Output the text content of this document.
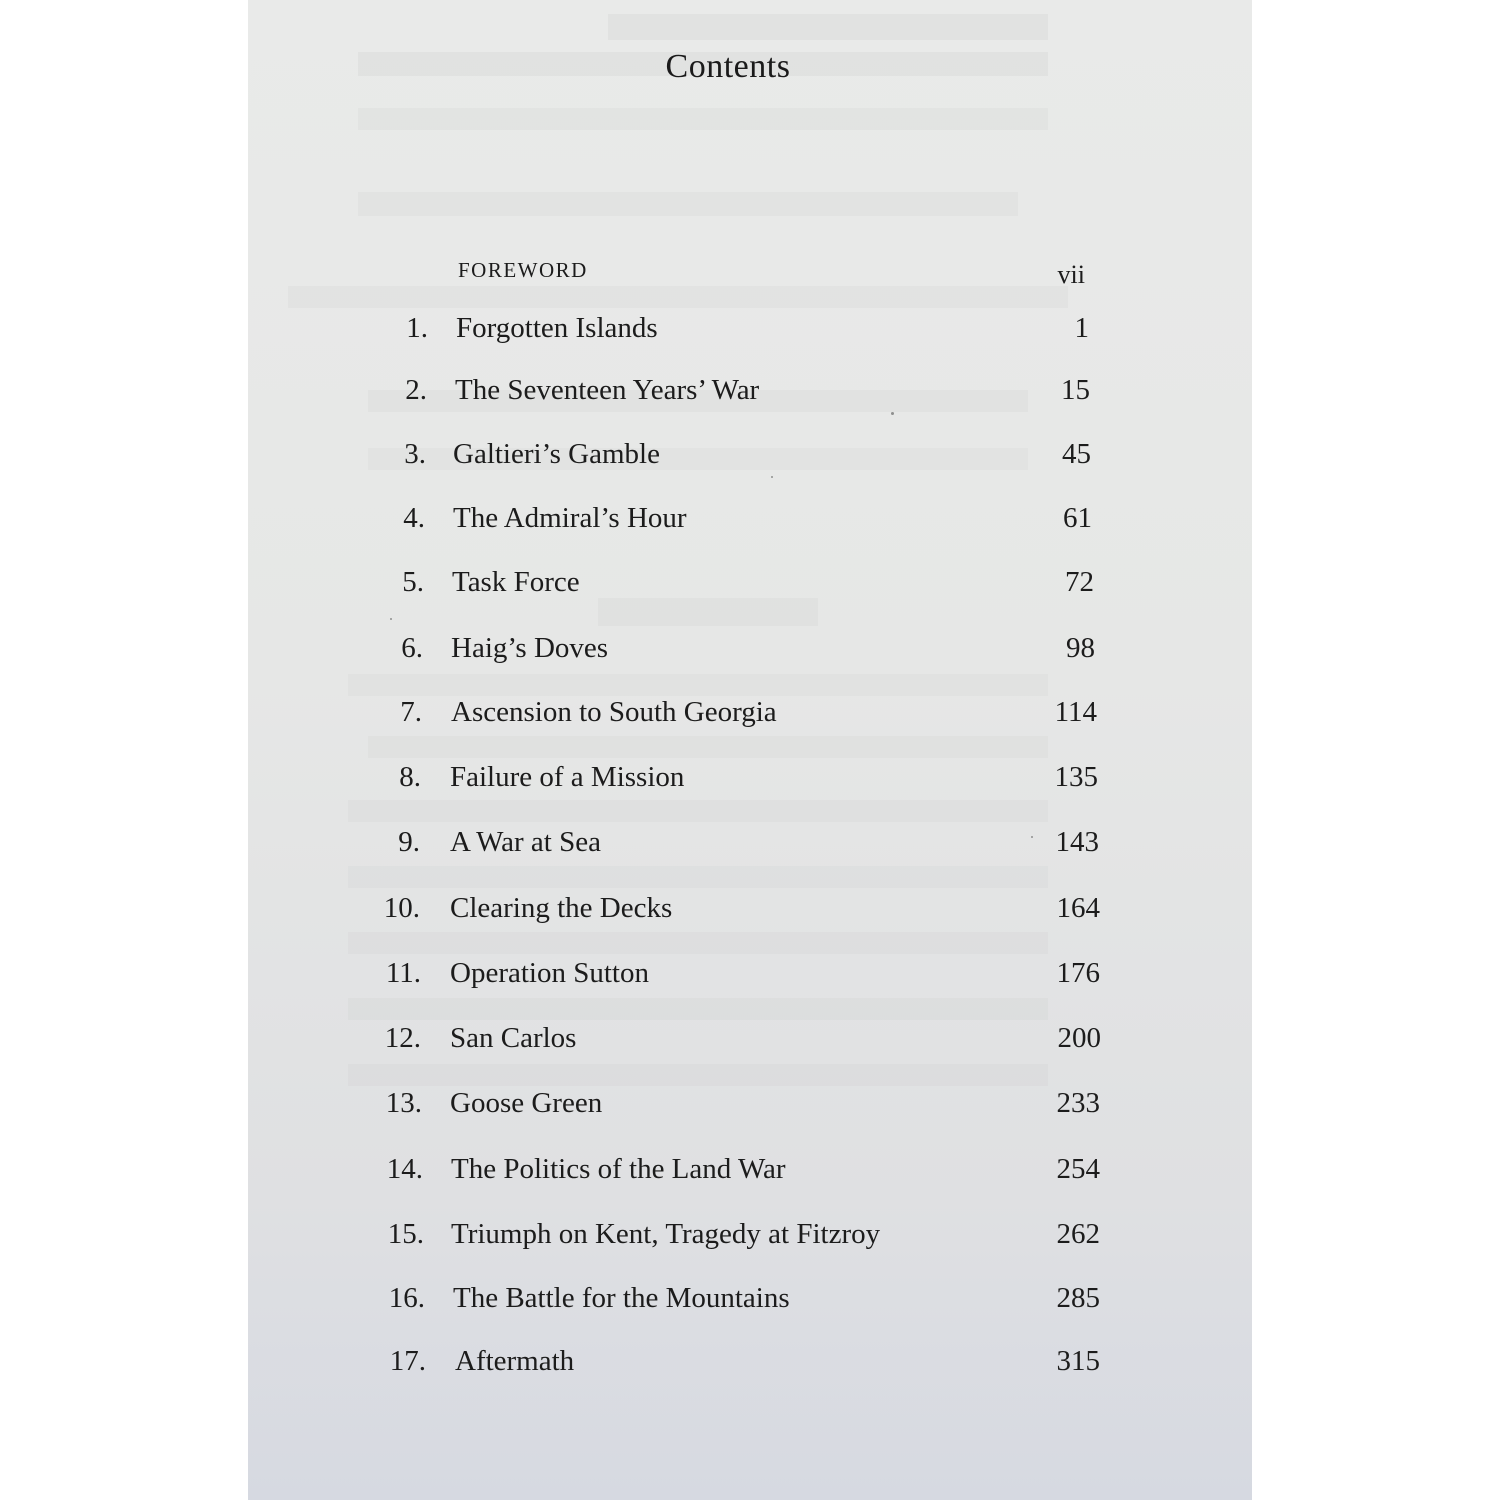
Contents
FOREWORD	vii
1. Forgotten Islands	1
2. The Seventeen Years’ War	15
3. Galtieri’s Gamble	45
4. The Admiral’s Hour	61
5. Task Force	72
6. Haig’s Doves	98
7. Ascension to South Georgia	114
8. Failure of a Mission	135
9. A War at Sea	143
10. Clearing the Decks	164
11. Operation Sutton	176
12. San Carlos	200
13. Goose Green	233
14. The Politics of the Land War	254
15. Triumph on Kent, Tragedy at Fitzroy	262
16. The Battle for the Mountains	285
17. Aftermath	315
